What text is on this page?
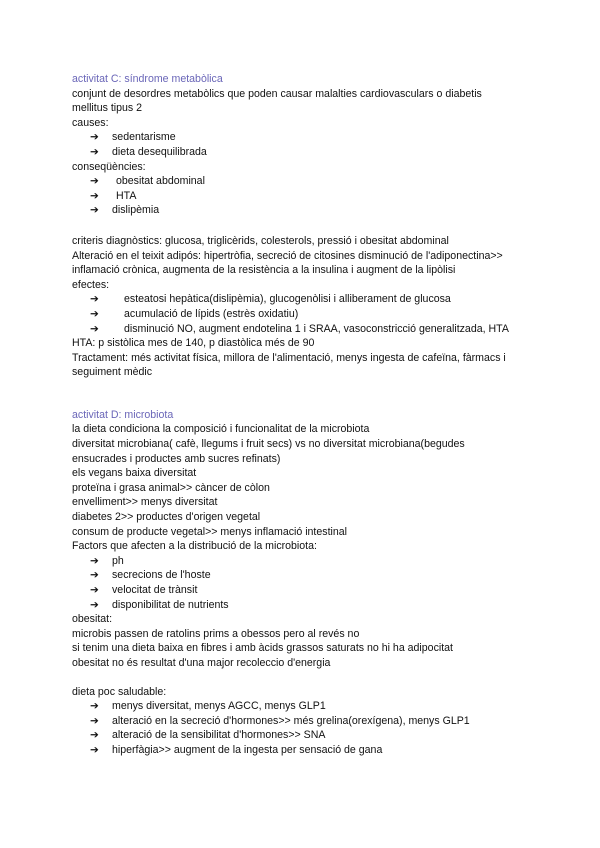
activitat C: síndrome metabòlica

conjunt de desordres metabòlics que poden causar malalties cardiovasculars o diabetis

mellitus tipus 2

causes:

➔ sedentarisme
➔ dieta desequilibrada

conseqüències:

➔ obesitat abdominal
➔ HTA
➔ dislipèmia

criteris diagnòstics: glucosa, triglicèrids, colesterols, pressió i obesitat abdominal

Alteració en el teixit adipós: hipertròfia, secreció de citosines disminució de l'adiponectina>>

inflamació crònica, augmenta de la resistència a la insulina i augment de la lipòlisi

efectes:

➔ esteatosi hepàtica(dislipèmia), glucogenòlisi i alliberament de glucosa
➔ acumulació de lípids (estrès oxidatiu)
➔ disminució NO, augment endotelina 1 i SRAA, vasoconstricció generalitzada, HTA

HTA: p sistòlica mes de 140, p diastòlica més de 90

Tractament: més activitat física, millora de l'alimentació, menys ingesta de cafeïna, fàrmacs i

seguiment mèdic

activitat D: microbiota

la dieta condiciona la composició i funcionalitat de la microbiota

diversitat microbiana( cafè, llegums i fruit secs) vs no diversitat microbiana(begudes

ensucrades i productes amb sucres refinats)

els vegans baixa diversitat

proteïna i grasa animal>> càncer de còlon

envelliment>> menys diversitat

diabetes 2>> productes d'origen vegetal

consum de producte vegetal>> menys inflamació intestinal

Factors que afecten a la distribució de la microbiota:

➔ ph
➔ secrecions de l'hoste
➔ velocitat de trànsit
➔ disponibilitat de nutrients

obesitat:

microbis passen de ratolins prims a obessos pero al revés no

si tenim una dieta baixa en fibres i amb àcids grassos saturats no hi ha adipocitat

obesitat no és resultat d'una major recoleccio d'energia

dieta poc saludable:

➔ menys diversitat, menys AGCC, menys GLP1
➔ alteració en la secreció d'hormones>> més grelina(orexígena), menys GLP1
➔ alteració de la sensibilitat d'hormones>> SNA
➔ hiperfàgia>> augment de la ingesta per sensació de gana
